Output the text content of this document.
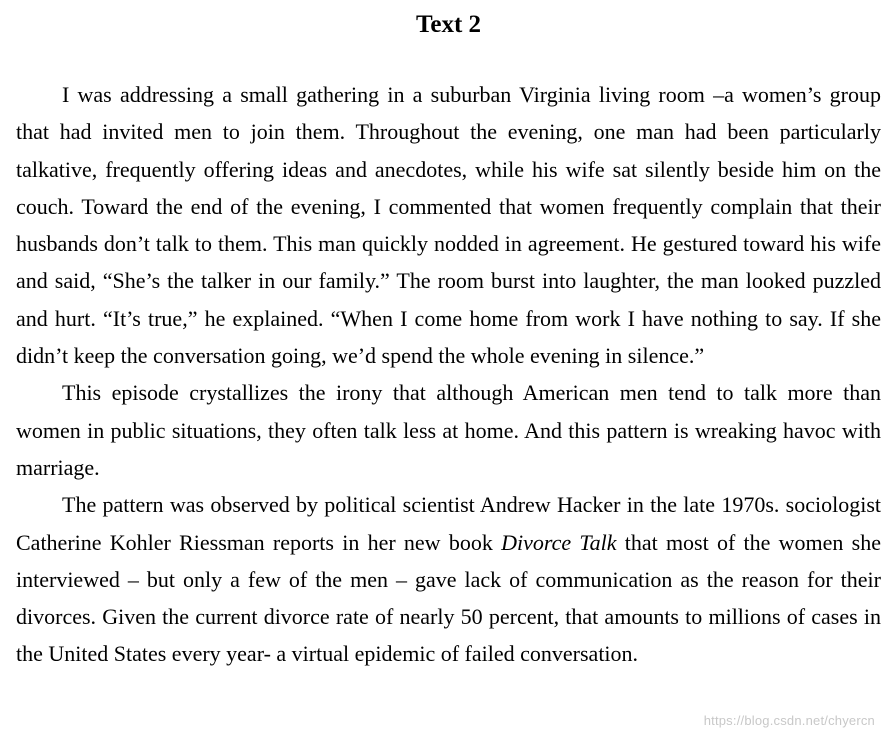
Text 2

I was addressing a small gathering in a suburban Virginia living room –a women’s group that had invited men to join them. Throughout the evening, one man had been particularly talkative, frequently offering ideas and anecdotes, while his wife sat silently beside him on the couch. Toward the end of the evening, I commented that women frequently complain that their husbands don’t talk to them. This man quickly nodded in agreement. He gestured toward his wife and said, “She’s the talker in our family.” The room burst into laughter, the man looked puzzled and hurt. “It’s true,” he explained. “When I come home from work I have nothing to say. If she didn’t keep the conversation going, we’d spend the whole evening in silence.”

This episode crystallizes the irony that although American men tend to talk more than women in public situations, they often talk less at home. And this pattern is wreaking havoc with marriage.

The pattern was observed by political scientist Andrew Hacker in the late 1970s. sociologist Catherine Kohler Riessman reports in her new book Divorce Talk that most of the women she interviewed – but only a few of the men – gave lack of communication as the reason for their divorces. Given the current divorce rate of nearly 50 percent, that amounts to millions of cases in the United States every year- a virtual epidemic of failed conversation.

https://blog.csdn.net/chyercn
